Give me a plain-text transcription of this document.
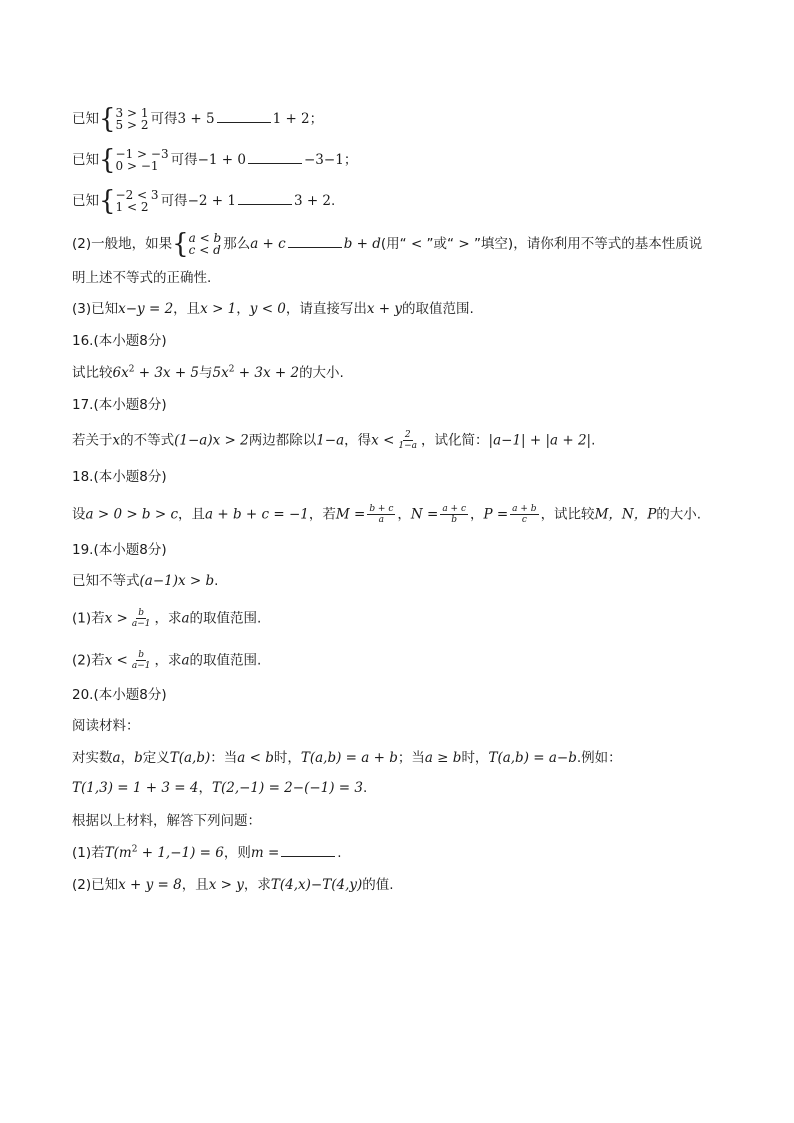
已知{ 3 > 1
5 > 2 可得3 + 5	1 + 2；
已知{ −1 > −3
0 > −1 可得−1 + 0	−3−1；
已知{ −2 < 3
1 < 2 可得−2 + 1	3 + 2.
(2)一般地，如果{ a < b
c < d 那么a + c	b + d(用“ < ”或“ > ”填空)，请你利用不等式的基本性质说
明上述不等式的正确性.
(3)已知x−y = 2，且x > 1，y < 0，请直接写出x + y的取值范围.
16.(本小题8分)
试比较$6x^2 + 3x + 5$与$5x^2 + 3x + 2$的大小.
17.(本小题8分)
若关于x的不等式(1−a)x > 2两边都除以1−a，得$x < \frac{2}{1-a}$ ，试化简：|a−1| + |a + 2|.
18.(本小题8分)
设a > 0 > b > c，且a + b + c = −1，若$M = \frac{b + c}{a}$ ，$N = \frac{a + c}{b}$ ，$P = \frac{a + b}{c}$ ，试比较M，N，P的大小.
19.(本小题8分)
已知不等式(a−1)x > b.
(1)若$x > \frac{b}{a-1}$ ，求a的取值范围.
(2)若$x < \frac{b}{a-1}$ ，求a的取值范围.
20.(本小题8分)
阅读材料：
对实数a，b定义T(a,b)：当a < b时，T(a,b) = a + b；当a ≥ b时，T(a,b) = a−b.例如：
T(1,3) = 1 + 3 = 4，T(2,−1) = 2−(−1) = 3.
根据以上材料，解答下列问题：
(1)若$T(m^2 + 1,-1) = 6$，则m =	.
(2)已知x + y = 8，且x > y，求T(4,x)−T(4,y)的值.
